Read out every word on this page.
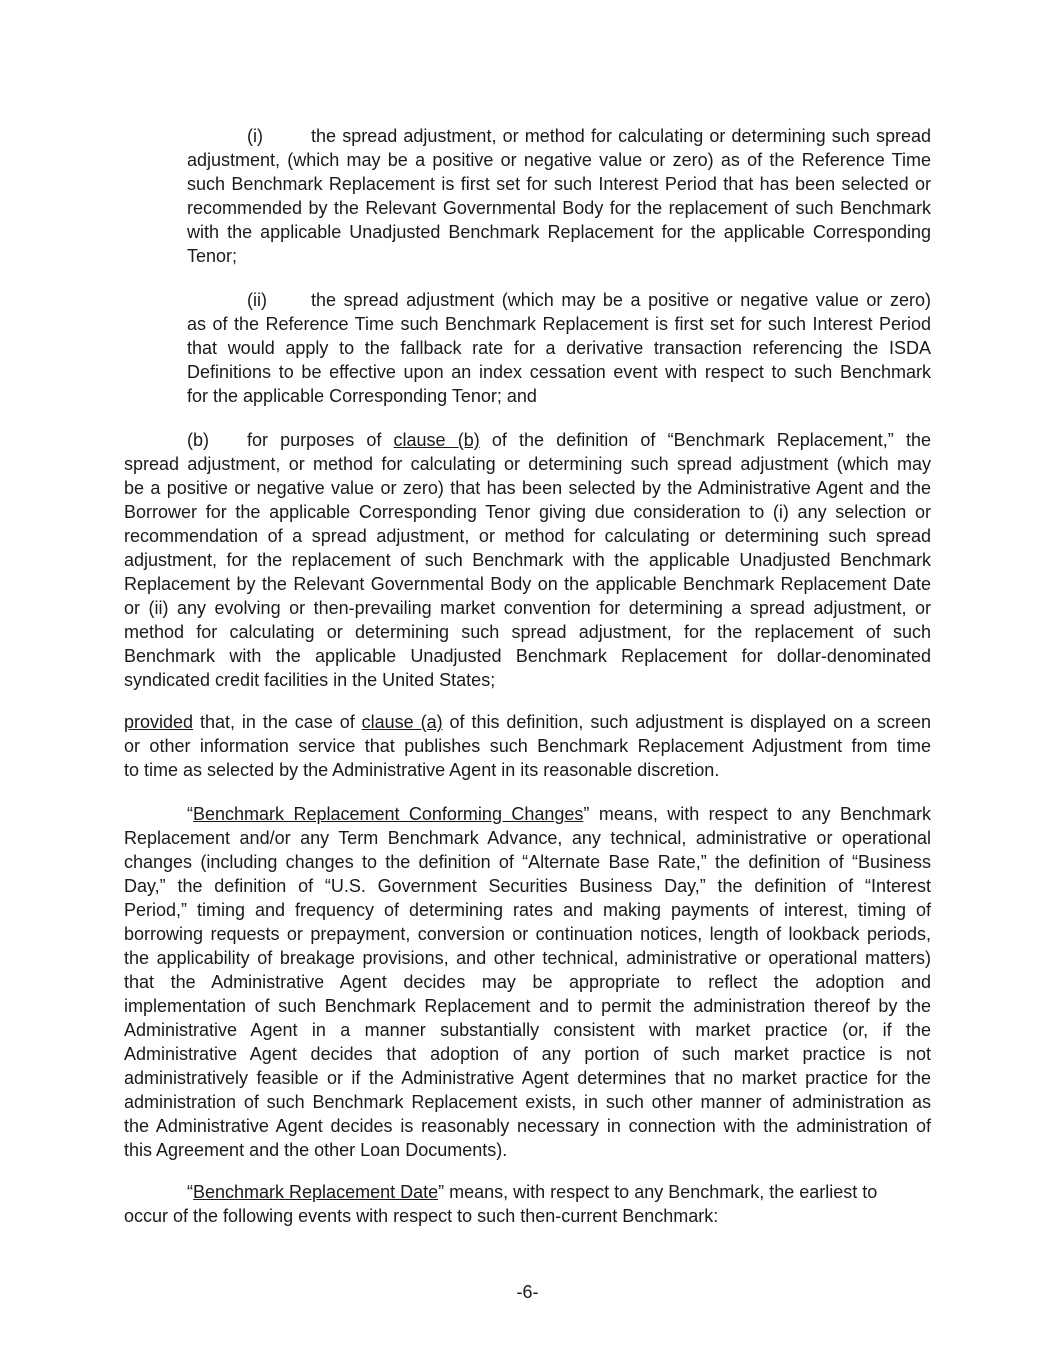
(i)	the spread adjustment, or method for calculating or determining such spread
adjustment, (which may be a positive or negative value or zero) as of the Reference Time
such Benchmark Replacement is first set for such Interest Period that has been selected or
recommended by the Relevant Governmental Body for the replacement of such Benchmark
with the applicable Unadjusted Benchmark Replacement for the applicable Corresponding
Tenor;
(ii) the spread adjustment (which may be a positive or negative value or zero)
as of the Reference Time such Benchmark Replacement is first set for such Interest Period
that would apply to the fallback rate for a derivative transaction referencing the ISDA
Definitions to be effective upon an index cessation event with respect to such Benchmark
for the applicable Corresponding Tenor; and
(b) for purposes of clause (b) of the definition of “Benchmark Replacement,” the
spread adjustment, or method for calculating or determining such spread adjustment (which may
be a positive or negative value or zero) that has been selected by the Administrative Agent and the
Borrower for the applicable Corresponding Tenor giving due consideration to (i) any selection or
recommendation of a spread adjustment, or method for calculating or determining such spread
adjustment, for the replacement of such Benchmark with the applicable Unadjusted Benchmark
Replacement by the Relevant Governmental Body on the applicable Benchmark Replacement Date
or (ii) any evolving or then-prevailing market convention for determining a spread adjustment, or
method for calculating or determining such spread adjustment, for the replacement of such
Benchmark with the applicable Unadjusted Benchmark Replacement for dollar-denominated
syndicated credit facilities in the United States;
provided that, in the case of clause (a) of this definition, such adjustment is displayed on a screen
or other information service that publishes such Benchmark Replacement Adjustment from time
to time as selected by the Administrative Agent in its reasonable discretion.
“Benchmark Replacement Conforming Changes” means, with respect to any Benchmark
Replacement and/or any Term Benchmark Advance, any technical, administrative or operational
changes (including changes to the definition of “Alternate Base Rate,” the definition of “Business
Day,” the definition of “U.S. Government Securities Business Day,” the definition of “Interest
Period,” timing and frequency of determining rates and making payments of interest, timing of
borrowing requests or prepayment, conversion or continuation notices, length of lookback periods,
the applicability of breakage provisions, and other technical, administrative or operational matters)
that the Administrative Agent decides may be appropriate to reflect the adoption and
implementation of such Benchmark Replacement and to permit the administration thereof by the
Administrative Agent in a manner substantially consistent with market practice (or, if the
Administrative Agent decides that adoption of any portion of such market practice is not
administratively feasible or if the Administrative Agent determines that no market practice for the
administration of such Benchmark Replacement exists, in such other manner of administration as
the Administrative Agent decides is reasonably necessary in connection with the administration of
this Agreement and the other Loan Documents).
“Benchmark Replacement Date” means, with respect to any Benchmark, the earliest to
occur of the following events with respect to such then-current Benchmark:
-6-
